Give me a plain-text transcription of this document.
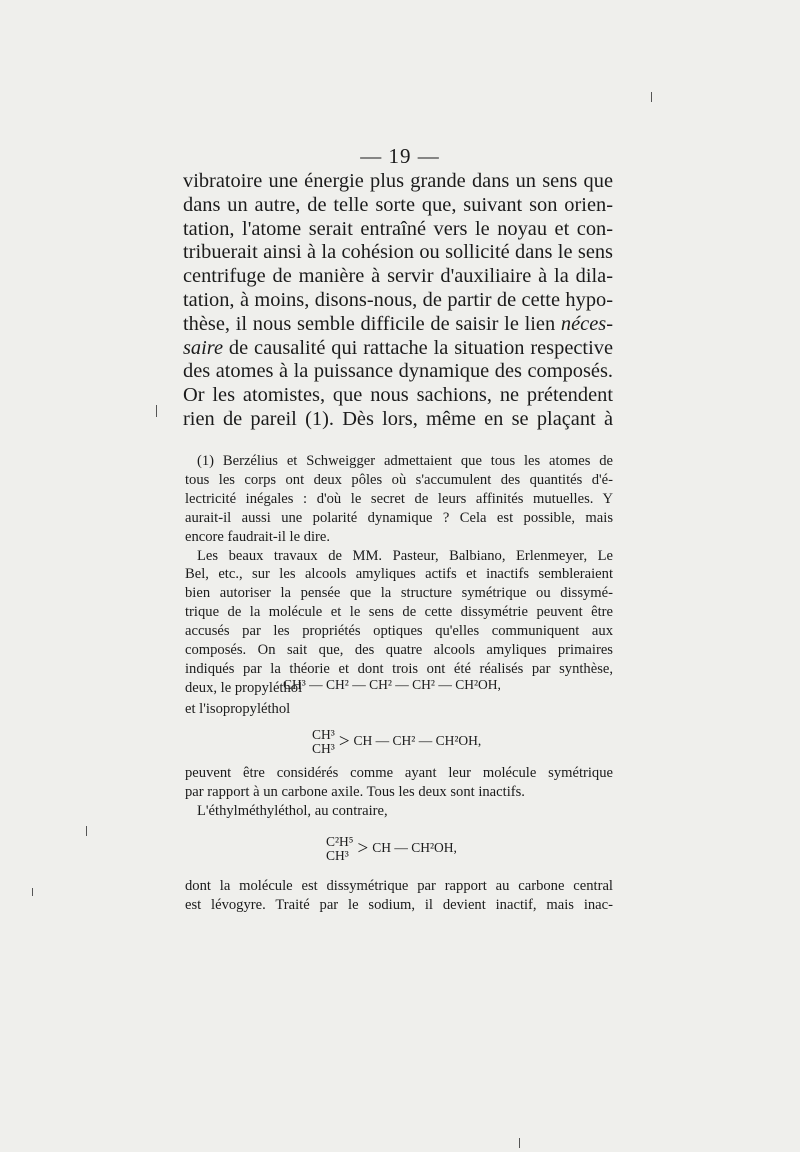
— 19 —
vibratoire une énergie plus grande dans un sens que
dans un autre, de telle sorte que, suivant son orien-
tation, l'atome serait entraîné vers le noyau et con-
tribuerait ainsi à la cohésion ou sollicité dans le sens
centrifuge de manière à servir d'auxiliaire à la dila-
tation, à moins, disons-nous, de partir de cette hypo-
thèse, il nous semble difficile de saisir le lien néces-
saire de causalité qui rattache la situation respective
des atomes à la puissance dynamique des composés.
Or les atomistes, que nous sachions, ne prétendent
rien de pareil (1). Dès lors, même en se plaçant à
(1) Berzélius et Schweigger admettaient que tous les atomes de
tous les corps ont deux pôles où s'accumulent des quantités d'é-
lectricité inégales : d'où le secret de leurs affinités mutuelles. Y
aurait-il aussi une polarité dynamique ? Cela est possible, mais
encore faudrait-il le dire.
Les beaux travaux de MM. Pasteur, Balbiano, Erlenmeyer, Le
Bel, etc., sur les alcools amyliques actifs et inactifs sembleraient
bien autoriser la pensée que la structure symétrique ou dissymé-
trique de la molécule et le sens de cette dissymétrie peuvent être
accusés par les propriétés optiques qu'elles communiquent aux
composés. On sait que, des quatre alcools amyliques primaires
indiqués par la théorie et dont trois ont été réalisés par synthèse,
deux, le propyléthol
CH³ — CH² — CH² — CH² — CH²OH,
et l'isopropyléthol
CH³
CH³ > CH — CH² — CH²OH,
peuvent être considérés comme ayant leur molécule symétrique
par rapport à un carbone axile. Tous les deux sont inactifs.
L'éthylméthyléthol, au contraire,
C²H⁵
CH³ > CH — CH²OH,
dont la molécule est dissymétrique par rapport au carbone central
est lévogyre. Traité par le sodium, il devient inactif, mais inac-
